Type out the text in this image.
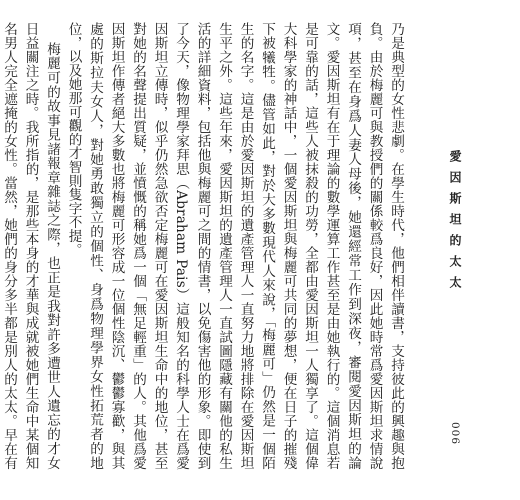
乃是典型的女性悲劇。在學生時代，他們相伴讀書，支持彼此的興趣與抱負。由於梅麗可與教授們的關係較爲良好，因此她時常爲愛因斯坦求情說項，甚至在身爲人妻人母後，她還經常工作到深夜，審閱愛因斯坦的論文。愛因斯坦有在于理論的數學運算工作甚至是由她執行的。這個消息若是可靠的話，這些人被抹殺的功勞，全都由愛因斯坦一人獨享了。這個偉大科學家的神話中，一個愛因斯坦與梅麗可共同的夢想，便在日子的摧殘下被犧牲。儘管如此，對於大多數現代人來說，「梅麗可」仍然是一個陌生的名字。這是由於愛因斯坦的遺產管理人一直努力地將排除在愛因斯坦生平之外。這些年來，愛因斯坦的遺產管理人一直試圖隱藏有關他的私生活的詳細資料，包括他與梅麗可之間的情書，以免傷害他的形象。即使到了今天，像物理學家拜思（Abraham Pais）這般知名的科學人士在爲愛因斯坦立傳時，似乎仍然急欲否定梅麗可在愛因斯坦生命中的地位，甚至對她的名聲提出質疑，並憤慨的稱她爲一個「無足輕重」的人。其他爲愛因斯坦作傳者絕大多數也將梅麗可形容成一位個性陰沉、鬱鬱寡歡，與其處的斯拉夫女人，對她勇敢獨立的個性、身爲物理學界女性拓荒者的地位，以及她那可觀的才智則隻字不提。

梅麗可的故事見諸報章雜誌之際，也正是我對許多遭世人遺忘的才女日益關注之時。我所指的，是那些本身的才華與成就被她們生命中某個知名男人完全遮掩的女性。當然，她們的身分多半都是別人的太太。早在有

愛因斯坦的太太
006
